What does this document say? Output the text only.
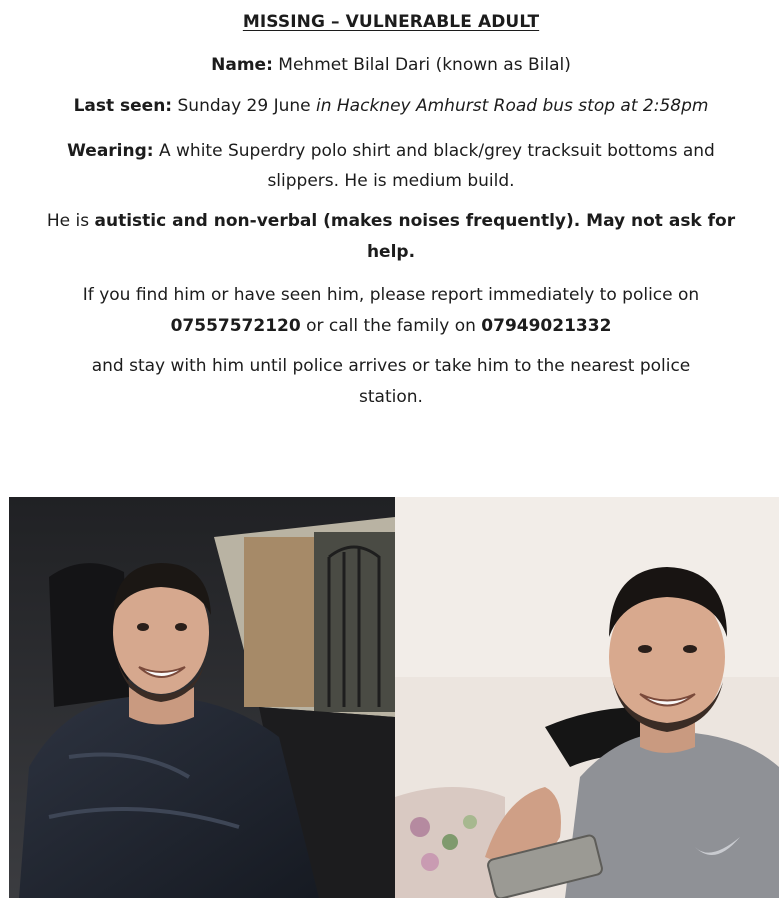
MISSING – VULNERABLE ADULT
Name: Mehmet Bilal Dari (known as Bilal)
Last seen: Sunday 29 June in Hackney Amhurst Road bus stop at 2:58pm
Wearing: A white Superdry polo shirt and black/grey tracksuit bottoms and
slippers. He is medium build.
He is autistic and non-verbal (makes noises frequently). May not ask for
help.
If you find him or have seen him, please report immediately to police on
07557572120 or call the family on 07949021332
and stay with him until police arrives or take him to the nearest police
station.
